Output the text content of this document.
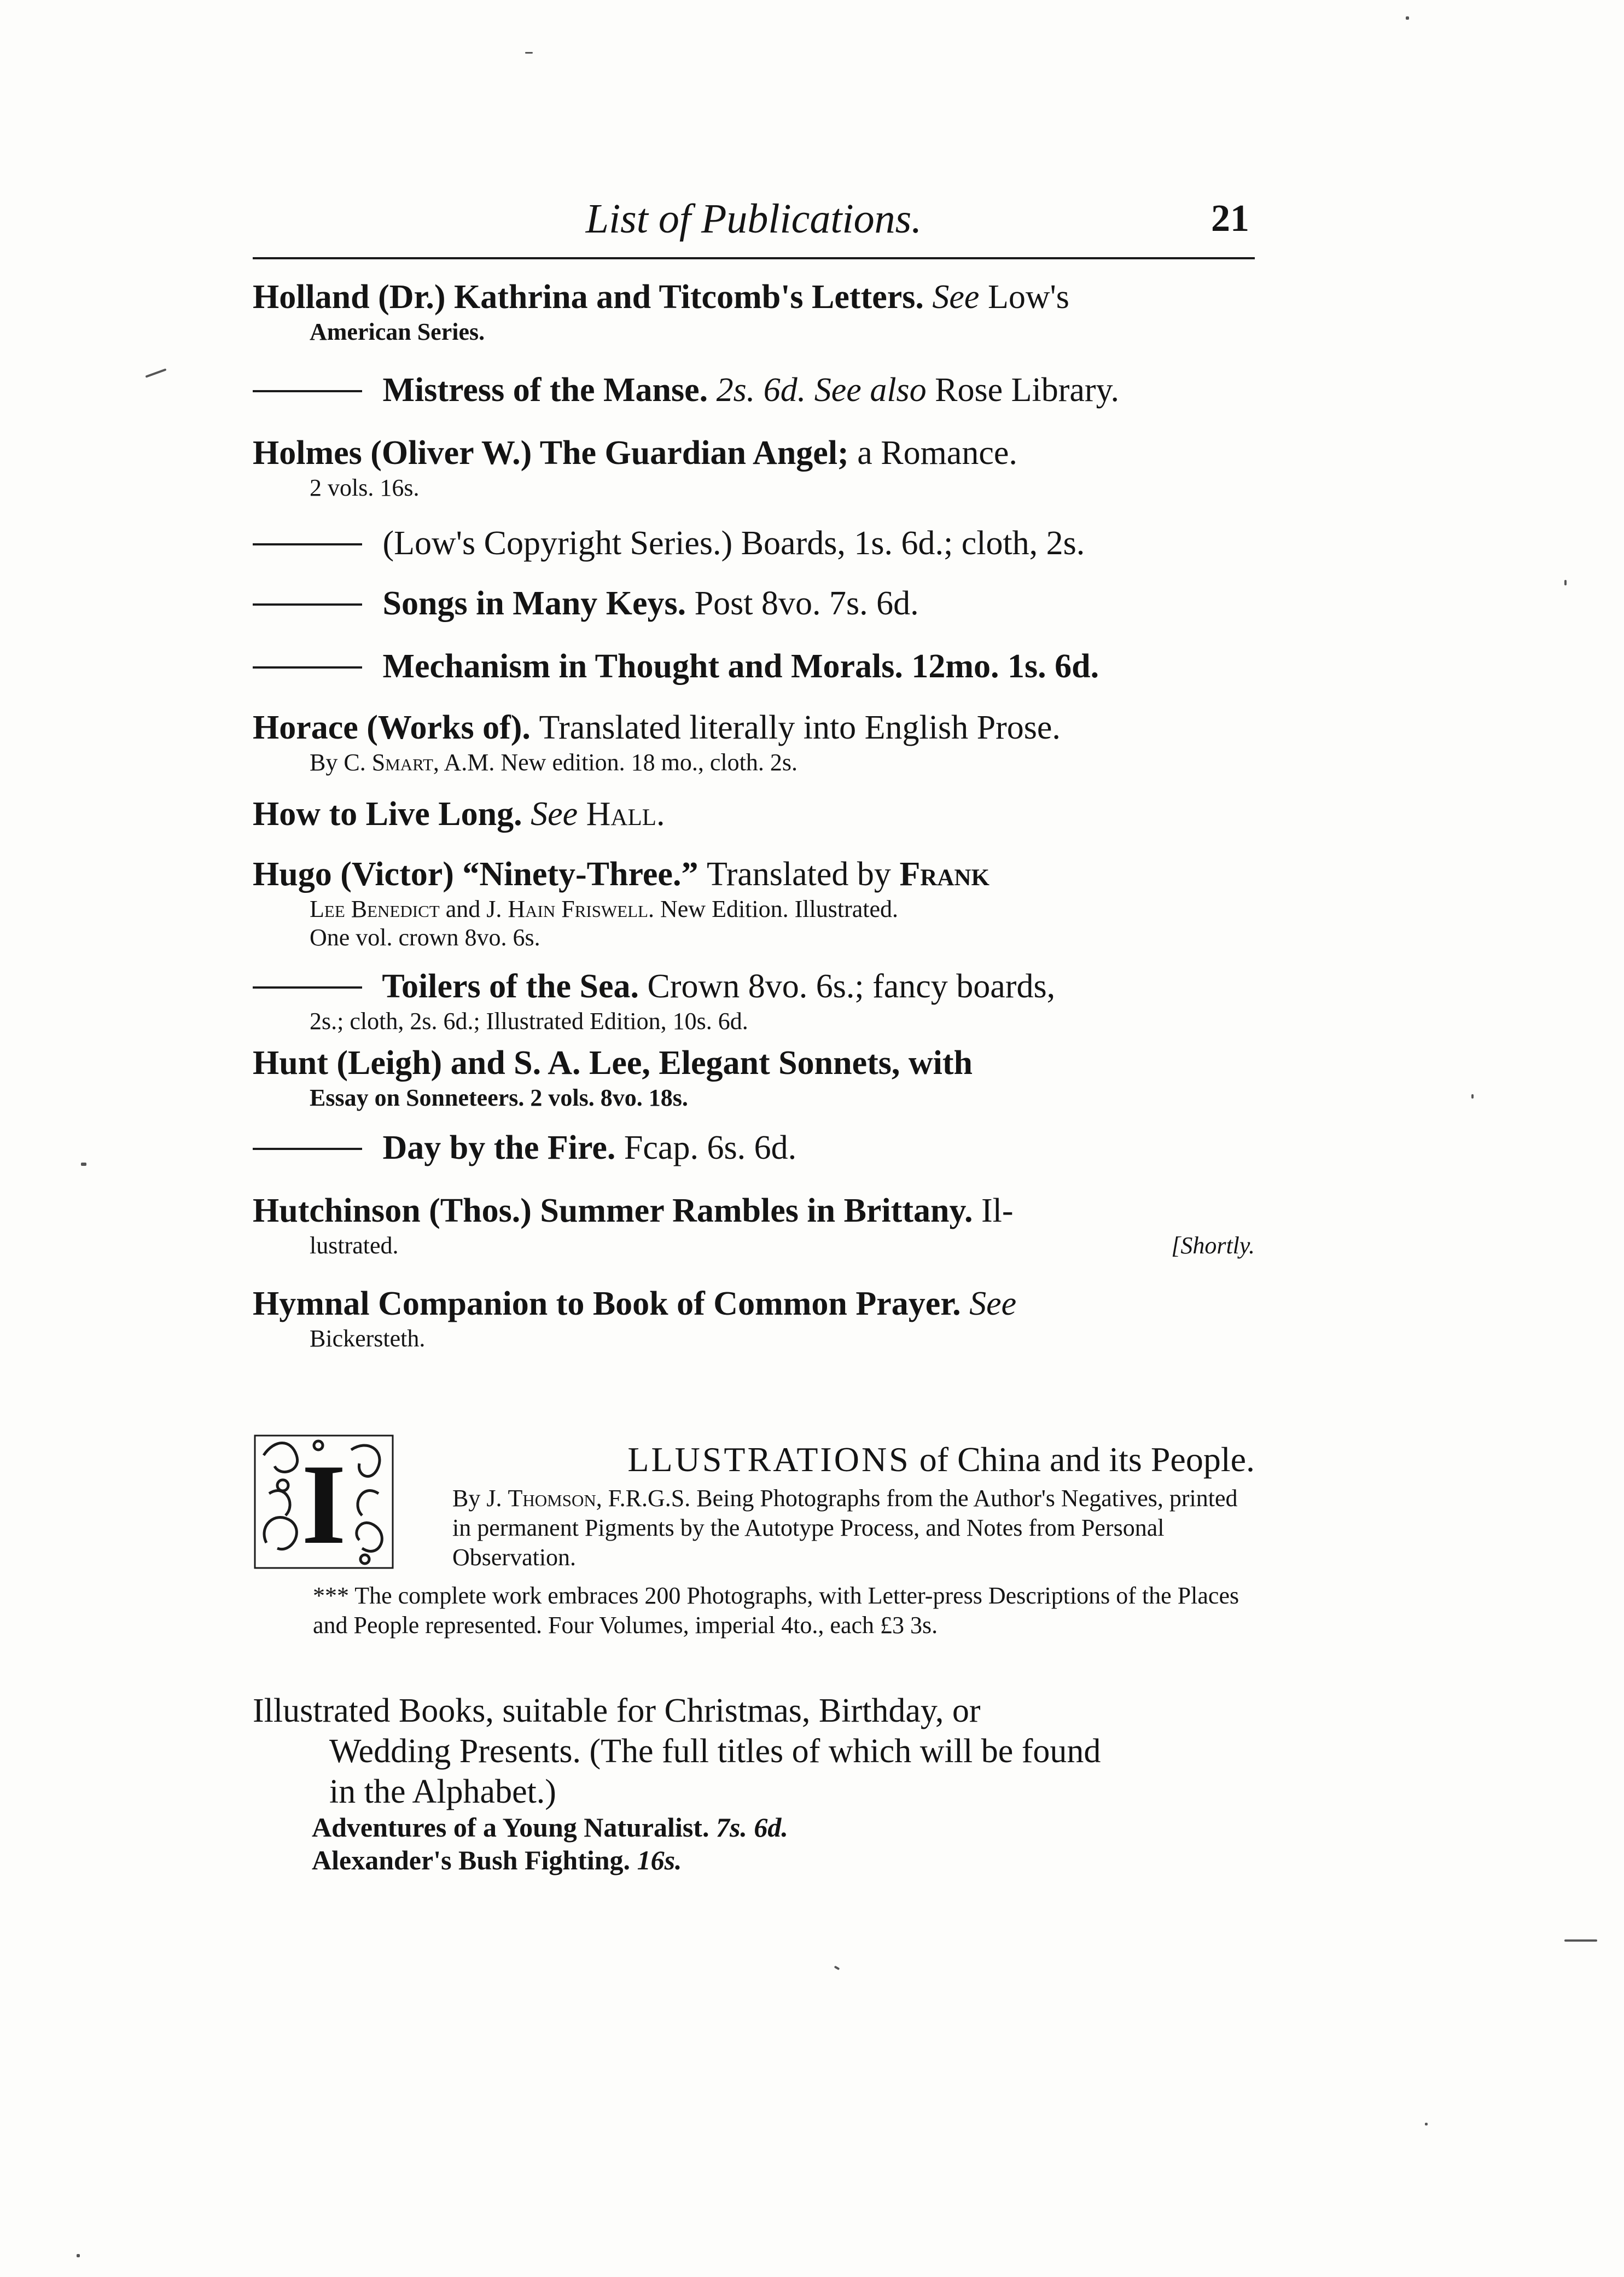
List of Publications.	21
Holland (Dr.) Kathrina and Titcomb's Letters. See Low's
American Series.
Mistress of the Manse. 2s. 6d. See also Rose Library.
Holmes (Oliver W.) The Guardian Angel; a Romance.
2 vols. 16s.
(Low's Copyright Series.) Boards, 1s. 6d.; cloth, 2s.
Songs in Many Keys. Post 8vo. 7s. 6d.
Mechanism in Thought and Morals. 12mo. 1s. 6d.
Horace (Works of). Translated literally into English Prose.
By C. Smart, A.M. New edition. 18 mo., cloth. 2s.
How to Live Long. See Hall.
Hugo (Victor) “Ninety-Three.” Translated by Frank
Lee Benedict and J. Hain Friswell. New Edition. Illustrated.
One vol. crown 8vo. 6s.
Toilers of the Sea. Crown 8vo. 6s.; fancy boards,
2s.; cloth, 2s. 6d.; Illustrated Edition, 10s. 6d.
Hunt (Leigh) and S. A. Lee, Elegant Sonnets, with
Essay on Sonneteers. 2 vols. 8vo. 18s.
Day by the Fire. Fcap. 6s. 6d.
Hutchinson (Thos.) Summer Rambles in Brittany. Il-
lustrated.	[Shortly.
Hymnal Companion to Book of Common Prayer. See
Bickersteth.
I	LLUSTRATIONS of China and its People.
By J. Thomson, F.R.G.S. Being Photographs from the Author's Negatives, printed in permanent Pigments by the Autotype Process, and Notes from Personal Observation.
*** The complete work embraces 200 Photographs, with Letter-press Descriptions of the Places and People represented. Four Volumes, imperial 4to., each £3 3s.
Illustrated Books, suitable for Christmas, Birthday, or
Wedding Presents. (The full titles of which will be found
in the Alphabet.)
Adventures of a Young Naturalist. 7s. 6d.
Alexander's Bush Fighting. 16s.
